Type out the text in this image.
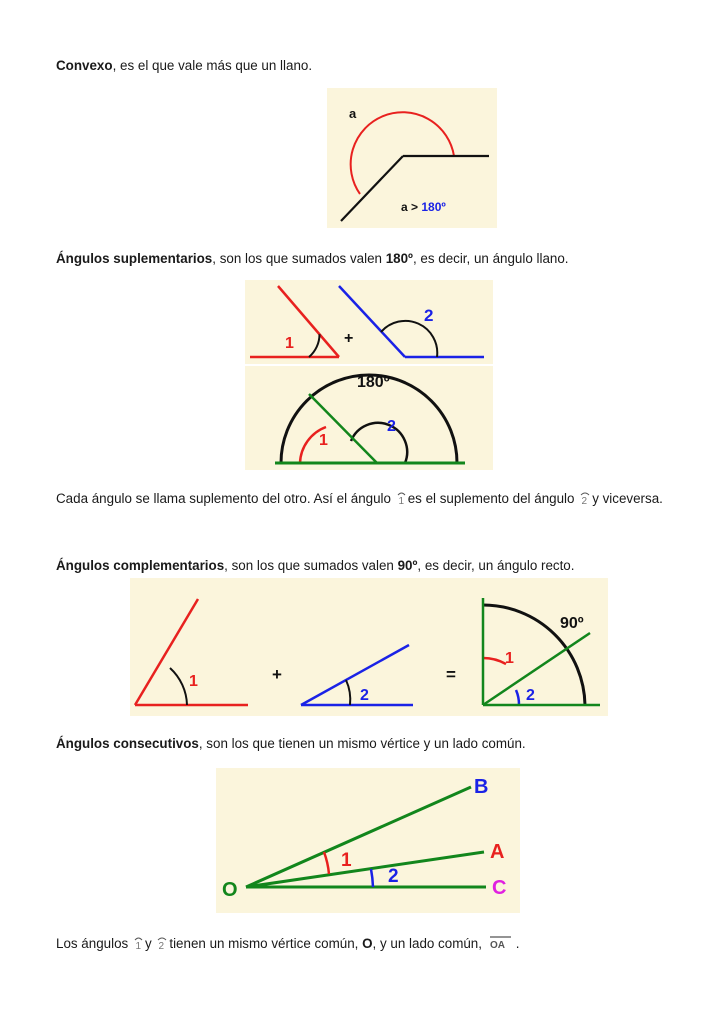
Convexo, es el que vale más que un llano.
a
a > 180º
Ángulos suplementarios, son los que sumados valen 180º, es decir, un ángulo llano.
1	+
2
180º
1
2
Cada ángulo se llama suplemento del otro. Así el ángulo 1 es el suplemento del ángulo 2 y viceversa.
Ángulos complementarios, son los que sumados valen 90º, es decir, un ángulo recto.
1	+
2
=
90º
1
2
Ángulos consecutivos, son los que tienen un mismo vértice y un lado común.
O
B
A
C
1
2
Los ángulos 1 y 2 tienen un mismo vértice común, O, y un lado común, OA .
